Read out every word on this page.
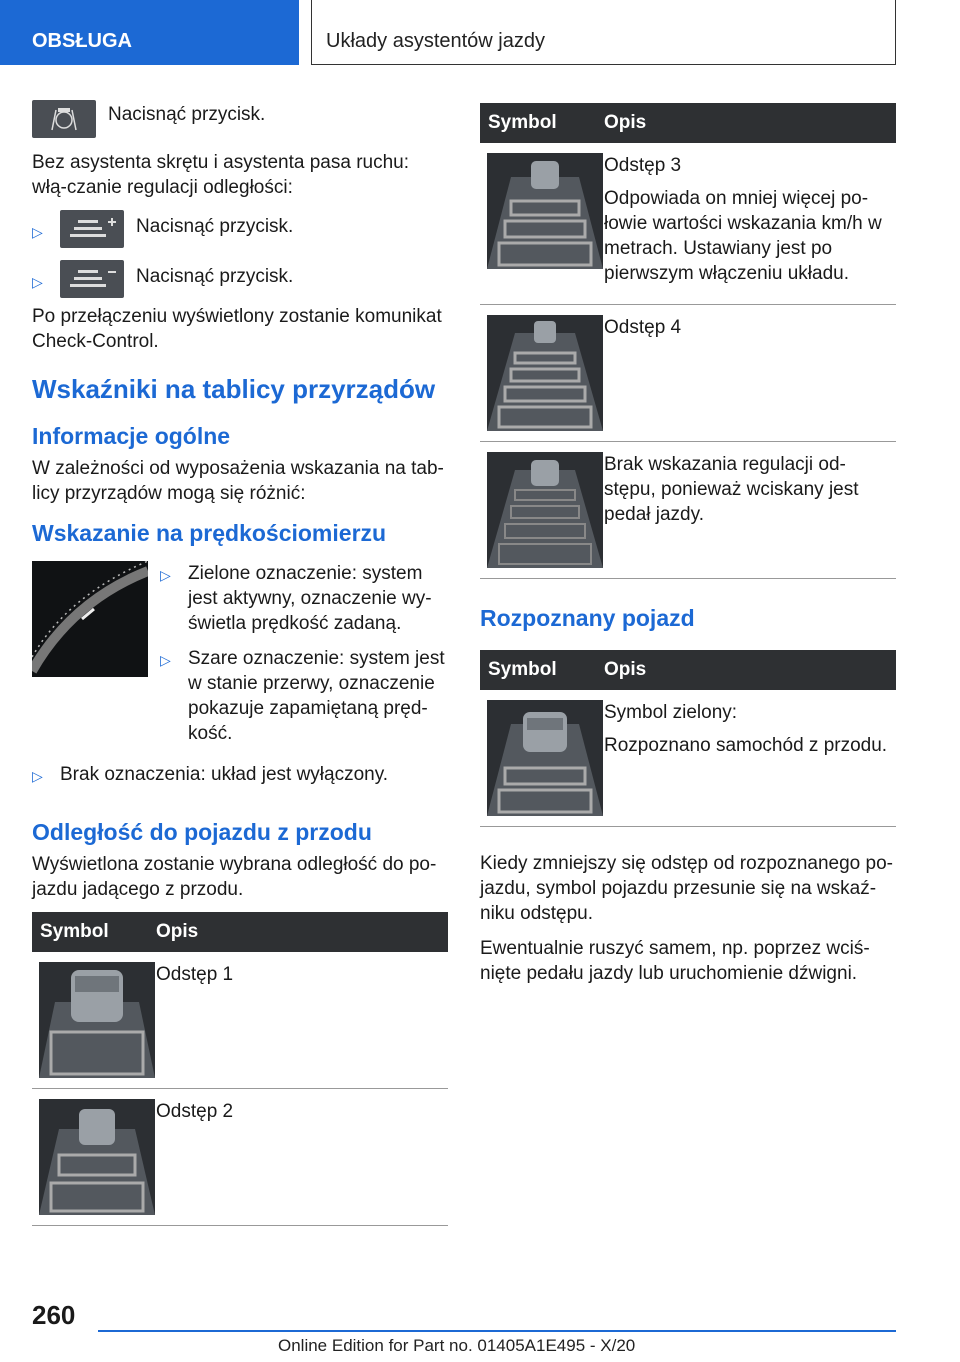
OBSŁUGA	Układy asystentów jazdy
Nacisnąć przycisk.

Bez asystenta skrętu i asystenta pasa ruchu: włą-czanie regulacji odległości:

▷	Nacisnąć przycisk.
▷	Nacisnąć przycisk.

Po przełączeniu wyświetlony zostanie komunikat Check-Control.

Wskaźniki na tablicy przyrządów
Informacje ogólne

W zależności od wyposażenia wskazania na tab-licy przyrządów mogą się różnić:

Wskazanie na prędkościomierzu
▷ Zielone oznaczenie: system jest aktywny, oznaczenie wy-świetla prędkość zadaną.
▷ Szare oznaczenie: system jest w stanie przerwy, oznaczenie pokazuje zapamiętaną pręd-kość.
▷ Brak oznaczenia: układ jest wyłączony.
Odległość do pojazdu z przodu

Wyświetlona zostanie wybrana odległość do po-jazdu jadącego z przodu.

Symbol	Opis

Odstęp 1

Odstęp 2

Symbol	Opis

Odstęp 3

Odpowiada on mniej więcej po-łowie wartości wskazania km/h w metrach. Ustawiany jest po pierwszym włączeniu układu.

Odstęp 4

Brak wskazania regulacji od-stępu, ponieważ wciskany jest pedał jazdy.

Rozpoznany pojazd
Symbol	Opis

Symbol zielony:

Rozpoznano samochód z przodu.

Kiedy zmniejszy się odstęp od rozpoznanego po-jazdu, symbol pojazdu przesunie się na wskaź-niku odstępu.

Ewentualnie ruszyć samem, np. poprzez wciś-nięte pedału jazdy lub uruchomienie dźwigni.

260
Online Edition for Part no. 01405A1E495 - X/20
